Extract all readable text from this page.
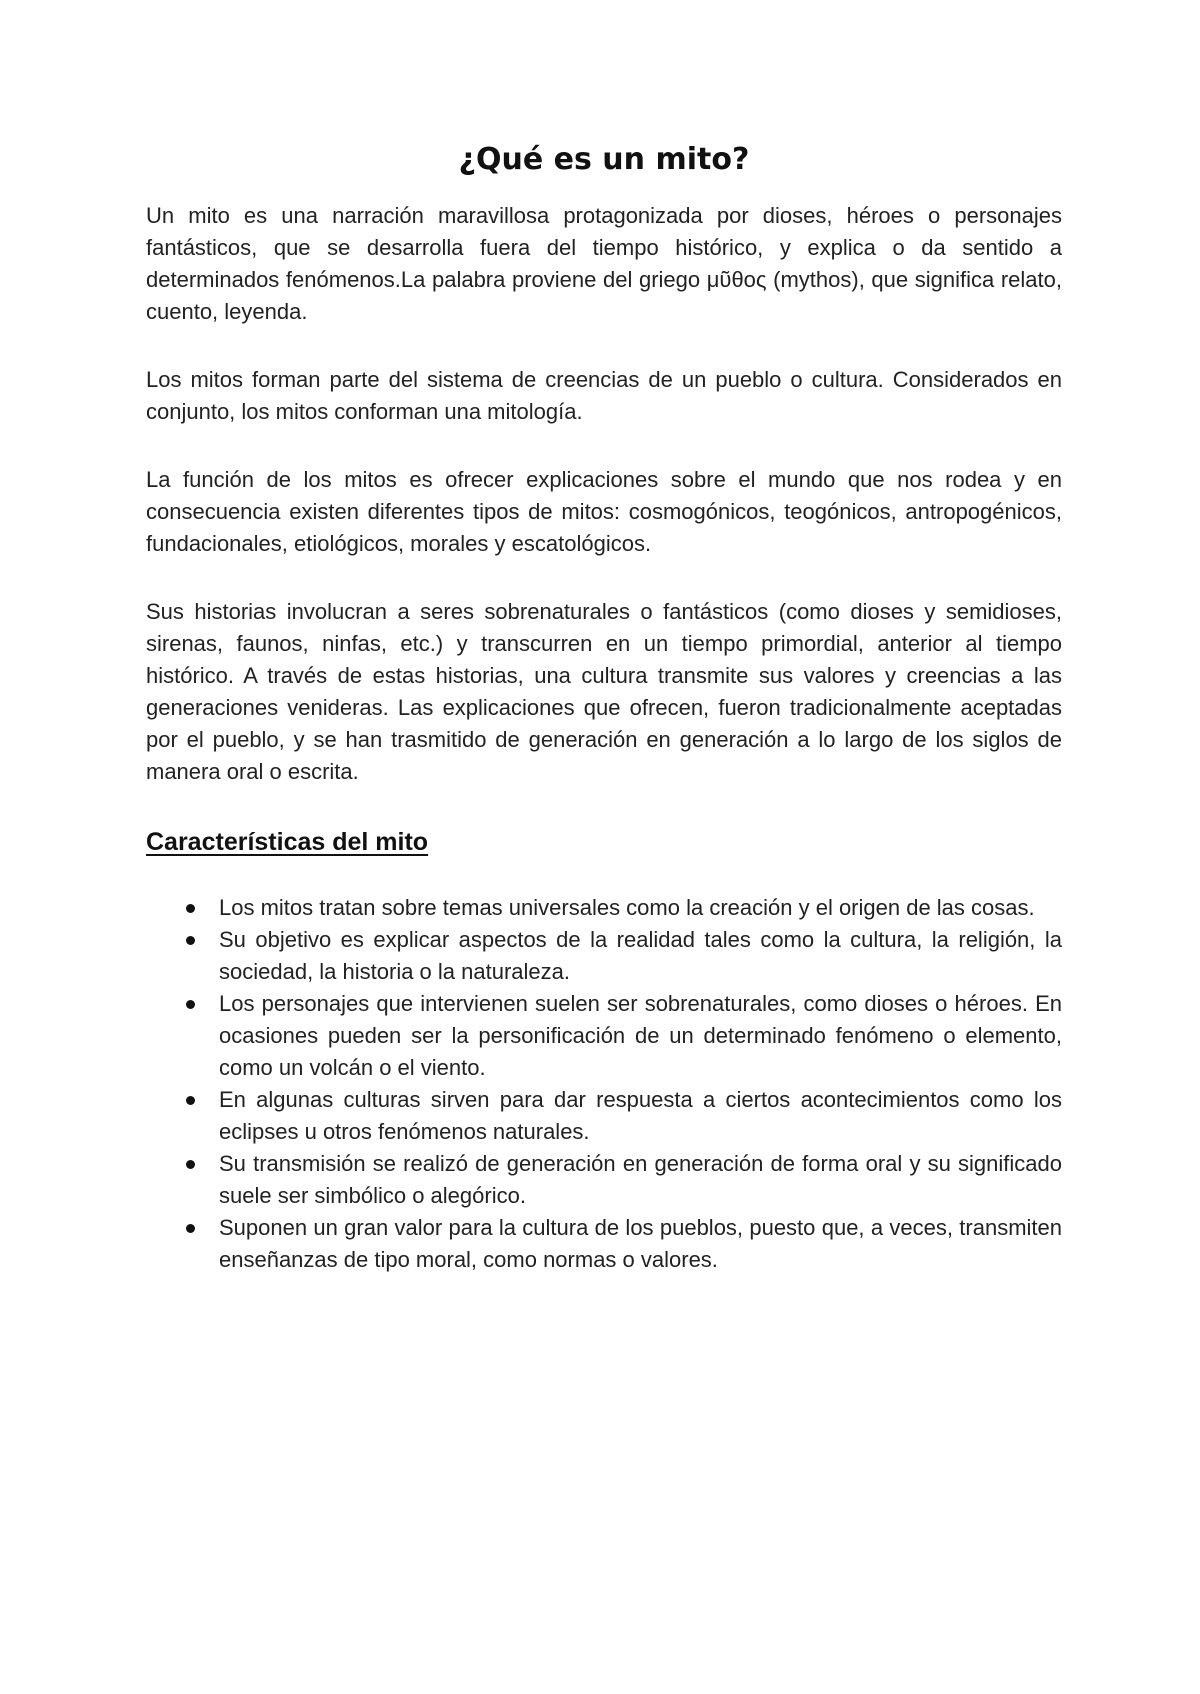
¿Qué es un mito?

Un mito es una narración maravillosa protagonizada por dioses, héroes o personajes fantásticos, que se desarrolla fuera del tiempo histórico, y explica o da sentido a determinados fenómenos.La palabra proviene del griego μῦθος (mythos), que significa relato, cuento, leyenda.

Los mitos forman parte del sistema de creencias de un pueblo o cultura. Considerados en conjunto, los mitos conforman una mitología.

La función de los mitos es ofrecer explicaciones sobre el mundo que nos rodea y en consecuencia existen diferentes tipos de mitos: cosmogónicos, teogónicos, antropogénicos, fundacionales, etiológicos, morales y escatológicos.

Sus historias involucran a seres sobrenaturales o fantásticos (como dioses y semidioses, sirenas, faunos, ninfas, etc.) y transcurren en un tiempo primordial, anterior al tiempo histórico. A través de estas historias, una cultura transmite sus valores y creencias a las generaciones venideras. Las explicaciones que ofrecen, fueron tradicionalmente aceptadas por el pueblo, y se han trasmitido de generación en generación a lo largo de los siglos de manera oral o escrita.

Características del mito
Los mitos tratan sobre temas universales como la creación y el origen de las cosas.
Su objetivo es explicar aspectos de la realidad tales como la cultura, la religión, la sociedad, la historia o la naturaleza.
Los personajes que intervienen suelen ser sobrenaturales, como dioses o héroes. En ocasiones pueden ser la personificación de un determinado fenómeno o elemento, como un volcán o el viento.
En algunas culturas sirven para dar respuesta a ciertos acontecimientos como los eclipses u otros fenómenos naturales.
Su transmisión se realizó de generación en generación de forma oral y su significado suele ser simbólico o alegórico.
Suponen un gran valor para la cultura de los pueblos, puesto que, a veces, transmiten enseñanzas de tipo moral, como normas o valores.
